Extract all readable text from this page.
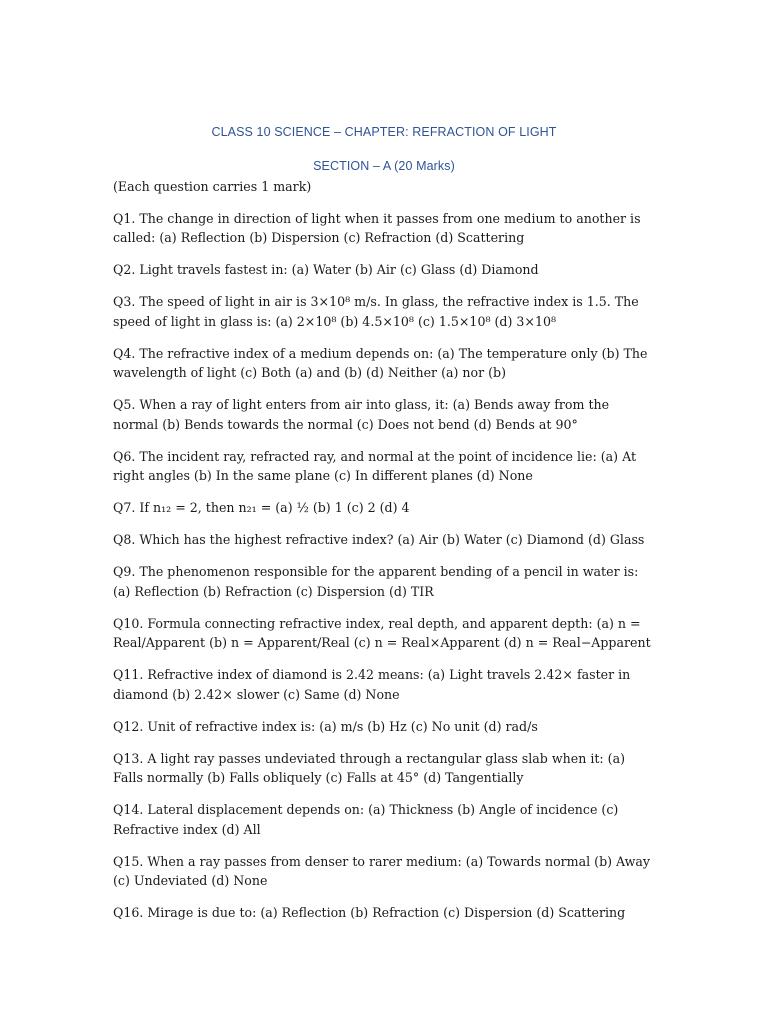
CLASS 10 SCIENCE – CHAPTER: REFRACTION OF LIGHT

SECTION – A (20 Marks)

(Each question carries 1 mark)

Q1. The change in direction of light when it passes from one medium to another is called: (a) Reflection (b) Dispersion (c) Refraction (d) Scattering

Q2. Light travels fastest in: (a) Water (b) Air (c) Glass (d) Diamond

Q3. The speed of light in air is 3×10⁸ m/s. In glass, the refractive index is 1.5. The speed of light in glass is: (a) 2×10⁸ (b) 4.5×10⁸ (c) 1.5×10⁸ (d) 3×10⁸

Q4. The refractive index of a medium depends on: (a) The temperature only (b) The wavelength of light (c) Both (a) and (b) (d) Neither (a) nor (b)

Q5. When a ray of light enters from air into glass, it: (a) Bends away from the normal (b) Bends towards the normal (c) Does not bend (d) Bends at 90°

Q6. The incident ray, refracted ray, and normal at the point of incidence lie: (a) At right angles (b) In the same plane (c) In different planes (d) None

Q7. If n₁₂ = 2, then n₂₁ = (a) ½ (b) 1 (c) 2 (d) 4

Q8. Which has the highest refractive index? (a) Air (b) Water (c) Diamond (d) Glass

Q9. The phenomenon responsible for the apparent bending of a pencil in water is: (a) Reflection (b) Refraction (c) Dispersion (d) TIR

Q10. Formula connecting refractive index, real depth, and apparent depth: (a) n = Real/Apparent (b) n = Apparent/Real (c) n = Real×Apparent (d) n = Real−Apparent

Q11. Refractive index of diamond is 2.42 means: (a) Light travels 2.42× faster in diamond (b) 2.42× slower (c) Same (d) None

Q12. Unit of refractive index is: (a) m/s (b) Hz (c) No unit (d) rad/s

Q13. A light ray passes undeviated through a rectangular glass slab when it: (a) Falls normally (b) Falls obliquely (c) Falls at 45° (d) Tangentially

Q14. Lateral displacement depends on: (a) Thickness (b) Angle of incidence (c) Refractive index (d) All

Q15. When a ray passes from denser to rarer medium: (a) Towards normal (b) Away (c) Undeviated (d) None

Q16. Mirage is due to: (a) Reflection (b) Refraction (c) Dispersion (d) Scattering
